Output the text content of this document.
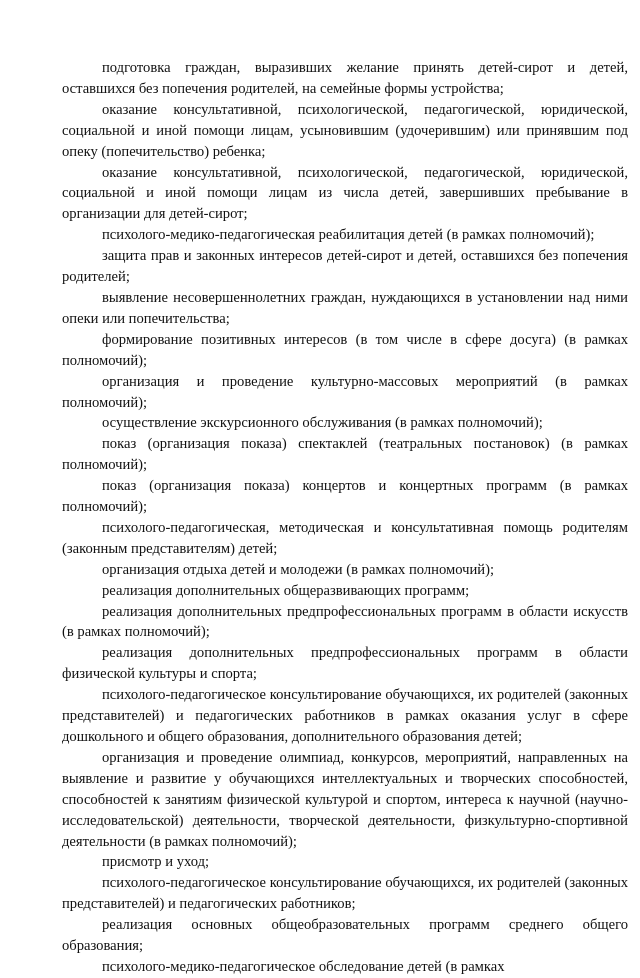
подготовка граждан, выразивших желание принять детей-сирот и детей, оставшихся без попечения родителей, на семейные формы устройства;

оказание консультативной, психологической, педагогической, юридической, социальной и иной помощи лицам, усыновившим (удочерившим) или принявшим под опеку (попечительство) ребенка;

оказание консультативной, психологической, педагогической, юридической, социальной и иной помощи лицам из числа детей, завершивших пребывание в организации для детей-сирот;

психолого-медико-педагогическая реабилитация детей (в рамках полномочий);

защита прав и законных интересов детей-сирот и детей, оставшихся без попечения родителей;

выявление несовершеннолетних граждан, нуждающихся в установлении над ними опеки или попечительства;

формирование позитивных интересов (в том числе в сфере досуга) (в рамках полномочий);

организация и проведение культурно-массовых мероприятий (в рамках полномочий);

осуществление экскурсионного обслуживания (в рамках полномочий);

показ (организация показа) спектаклей (театральных постановок) (в рамках полномочий);

показ (организация показа) концертов и концертных программ (в рамках полномочий);

психолого-педагогическая, методическая и консультативная помощь родителям (законным представителям) детей;

организация отдыха детей и молодежи (в рамках полномочий);

реализация дополнительных общеразвивающих программ;

реализация дополнительных предпрофессиональных программ в области искусств (в рамках полномочий);

реализация дополнительных предпрофессиональных программ в области физической культуры и спорта;

психолого-педагогическое консультирование обучающихся, их родителей (законных представителей) и педагогических работников в рамках оказания услуг в сфере дошкольного и общего образования, дополнительного образования детей;

организация и проведение олимпиад, конкурсов, мероприятий, направленных на выявление и развитие у обучающихся интеллектуальных и творческих способностей, способностей к занятиям физической культурой и спортом, интереса к научной (научно-исследовательской) деятельности, творческой деятельности, физкультурно-спортивной деятельности (в рамках полномочий);

присмотр и уход;

психолого-педагогическое консультирование обучающихся, их родителей (законных представителей) и педагогических работников;

реализация основных общеобразовательных программ среднего общего образования;

психолого-медико-педагогическое обследование детей (в рамках
